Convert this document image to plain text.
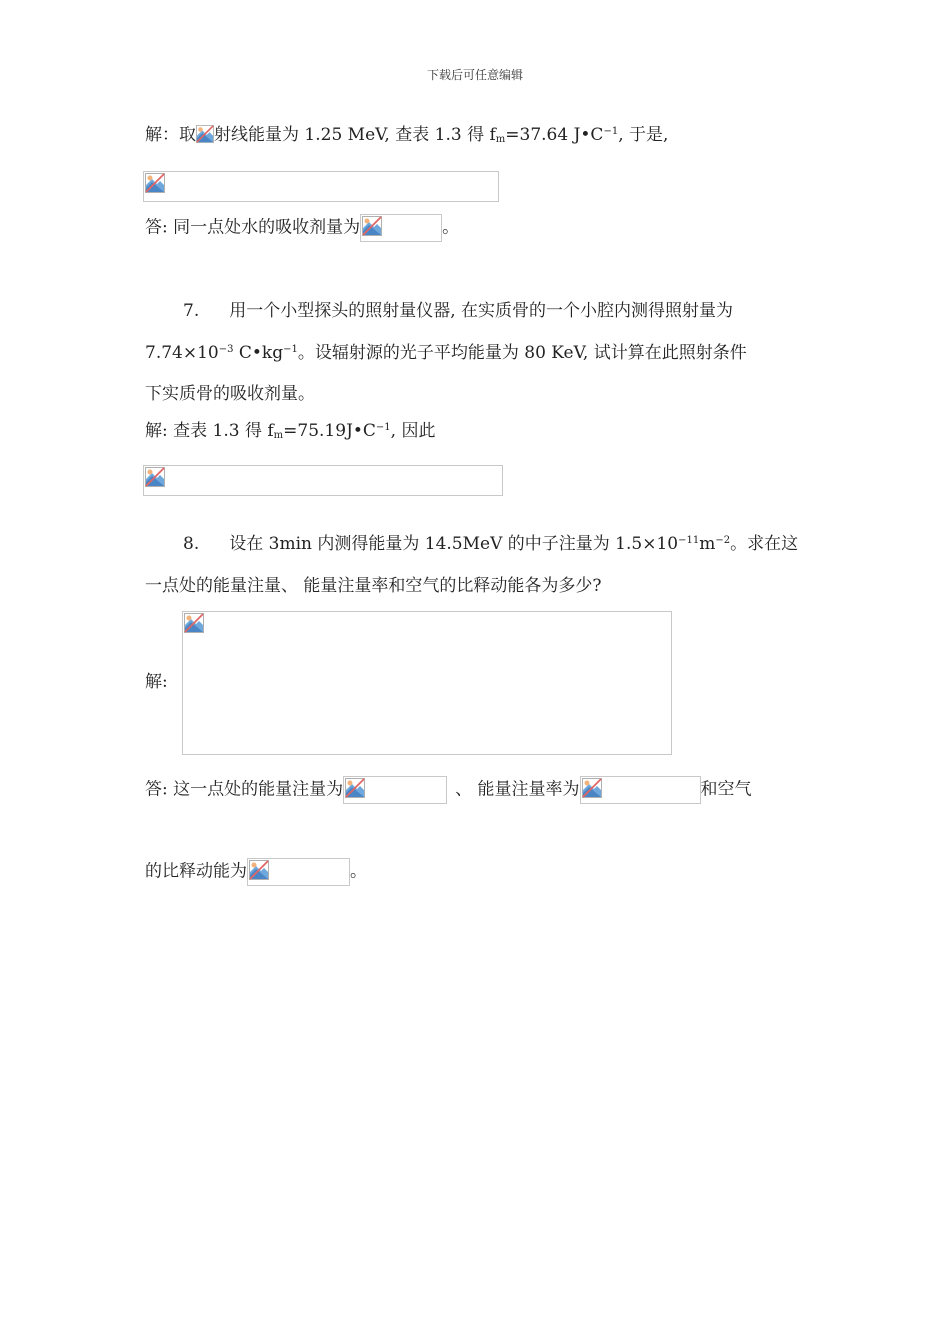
下载后可任意编辑
解：取 射线能量为 1.25 MeV, 查表 1.3 得 $f_m=37.64$ $J•C^{-1}$, 于是,
答: 同一点处水的吸收剂量为	。
7. 用一个小型探头的照射量仪器, 在实质骨的一个小腔内测得照射量为
$7.74\times 10^{-3}$ $C•kg^{-1}$。设辐射源的光子平均能量为 80 KeV, 试计算在此照射条件
下实质骨的吸收剂量。
解: 查表 1.3 得 $f_m=75.19J•C^{-1}$, 因此
8. 设在 3min 内测得能量为 14.5MeV 的中子注量为 $1.5\times 10^{-11}m^{-2}$。求在这
一点处的能量注量、 能量注量率和空气的比释动能各为多少?
解:
答: 这一点处的能量注量为	、 能量注量率为	和空气
的比释动能为	。
